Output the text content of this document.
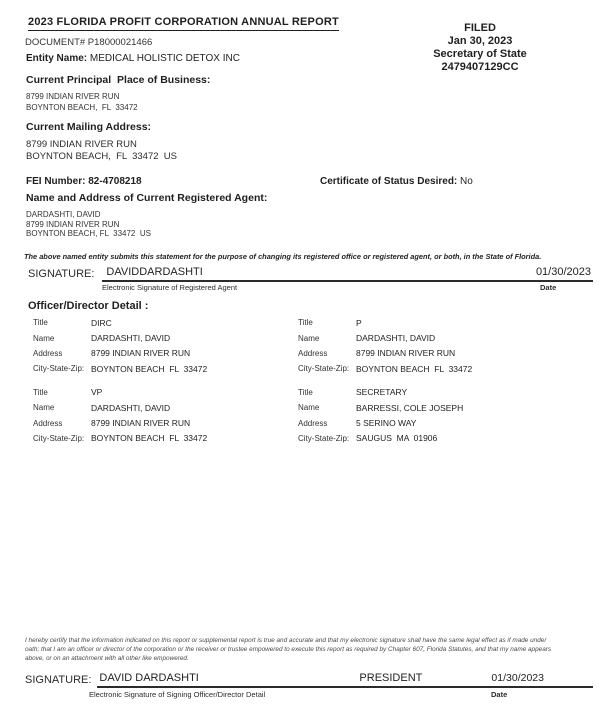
2023 FLORIDA PROFIT CORPORATION ANNUAL REPORT	FILED
Jan 30, 2023
Secretary of State
2479407129CC
DOCUMENT# P18000021466
Entity Name: MEDICAL HOLISTIC DETOX INC
Current Principal  Place of Business:
8799 INDIAN RIVER RUN
BOYNTON BEACH,  FL  33472
Current Mailing Address:
8799 INDIAN RIVER RUN
BOYNTON BEACH,  FL  33472  US
FEI Number: 82-4708218	Certificate of Status Desired: No
Name and Address of Current Registered Agent:
DARDASHTI, DAVID
8799 INDIAN RIVER RUN
BOYNTON BEACH, FL  33472  US
The above named entity submits this statement for the purpose of changing its registered office or registered agent, or both, in the State of Florida.
SIGNATURE: DAVIDDARDASHTI	01/30/2023
Electronic Signature of Registered Agent	Date
Officer/Director Detail :
Title	DIRC
Name	DARDASHTI, DAVID
Address	8799 INDIAN RIVER RUN
City-State-Zip: BOYNTON BEACH  FL  33472
Title	P
Name	DARDASHTI, DAVID
Address	8799 INDIAN RIVER RUN
City-State-Zip: BOYNTON BEACH  FL  33472
Title	VP
Name	DARDASHTI, DAVID
Address	8799 INDIAN RIVER RUN
City-State-Zip: BOYNTON BEACH  FL  33472
Title	SECRETARY
Name	BARRESSI, COLE JOSEPH
Address	5 SERINO WAY
City-State-Zip: SAUGUS  MA  01906
I hereby certify that the information indicated on this report or supplemental report is true and accurate and that my electronic signature shall have the same legal effect as if made under
oath; that I am an officer or director of the corporation or the receiver or trustee empowered to execute this report as required by Chapter 607, Florida Statutes, and that my name appears
above, or on an attachment with all other like empowered.
SIGNATURE: DAVID DARDASHTI	PRESIDENT	01/30/2023
Electronic Signature of Signing Officer/Director Detail	Date
